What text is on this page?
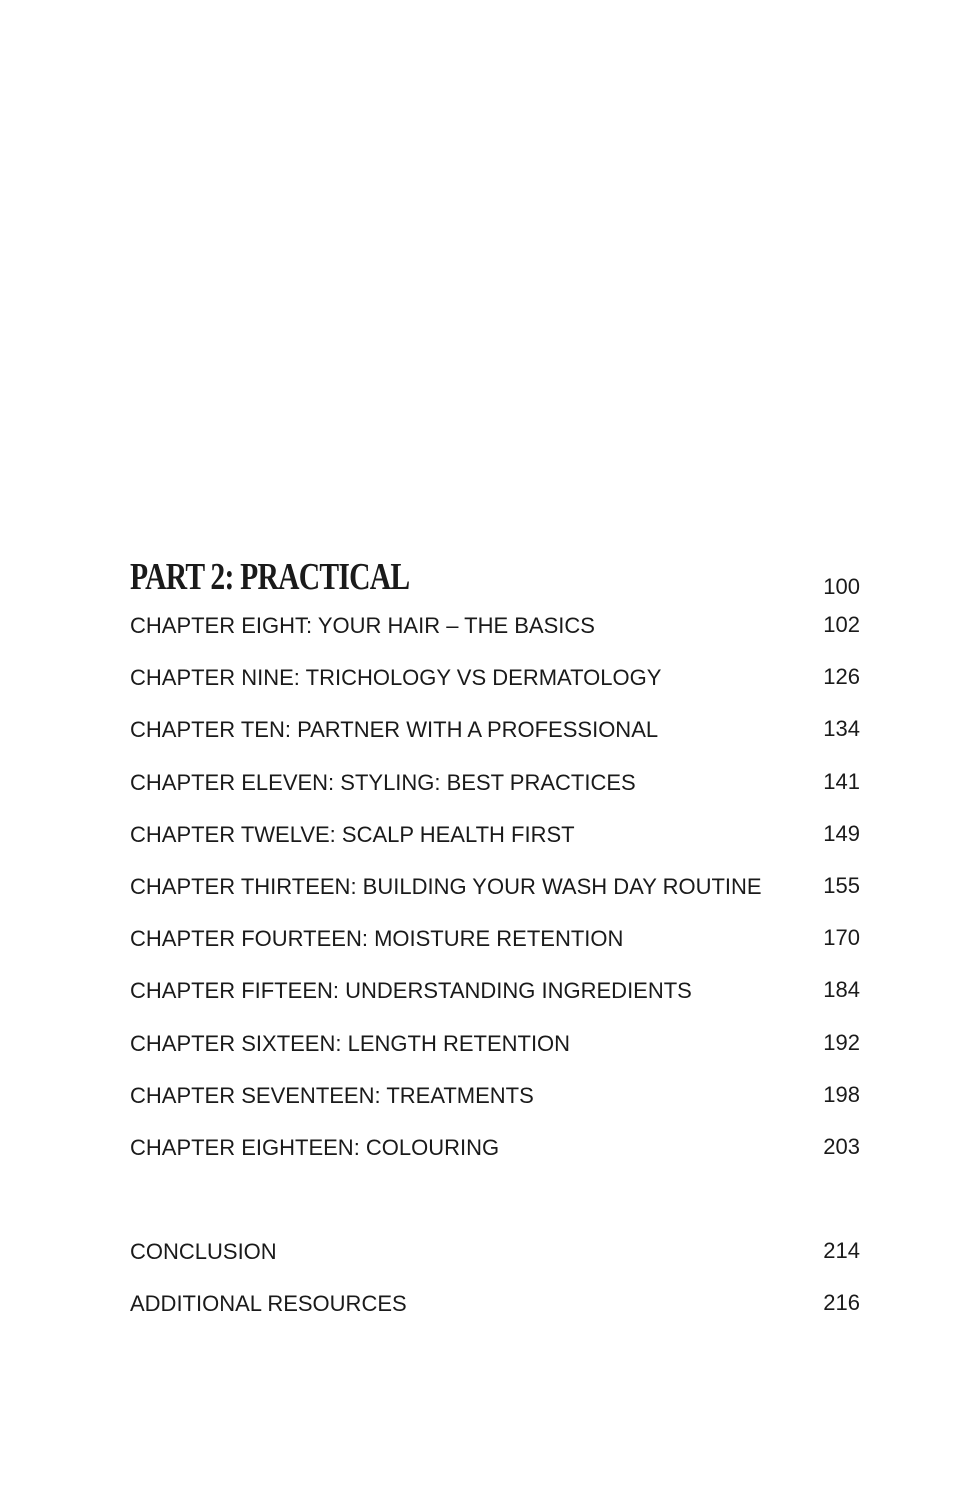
PART 2: PRACTICAL	100
CHAPTER EIGHT: YOUR HAIR – THE BASICS	102
CHAPTER NINE: TRICHOLOGY VS DERMATOLOGY	126
CHAPTER TEN: PARTNER WITH A PROFESSIONAL	134
CHAPTER ELEVEN: STYLING: BEST PRACTICES	141
CHAPTER TWELVE: SCALP HEALTH FIRST	149
CHAPTER THIRTEEN: BUILDING YOUR WASH DAY ROUTINE	155
CHAPTER FOURTEEN: MOISTURE RETENTION	170
CHAPTER FIFTEEN: UNDERSTANDING INGREDIENTS	184
CHAPTER SIXTEEN: LENGTH RETENTION	192
CHAPTER SEVENTEEN: TREATMENTS	198
CHAPTER EIGHTEEN: COLOURING	203
CONCLUSION	214
ADDITIONAL RESOURCES	216
